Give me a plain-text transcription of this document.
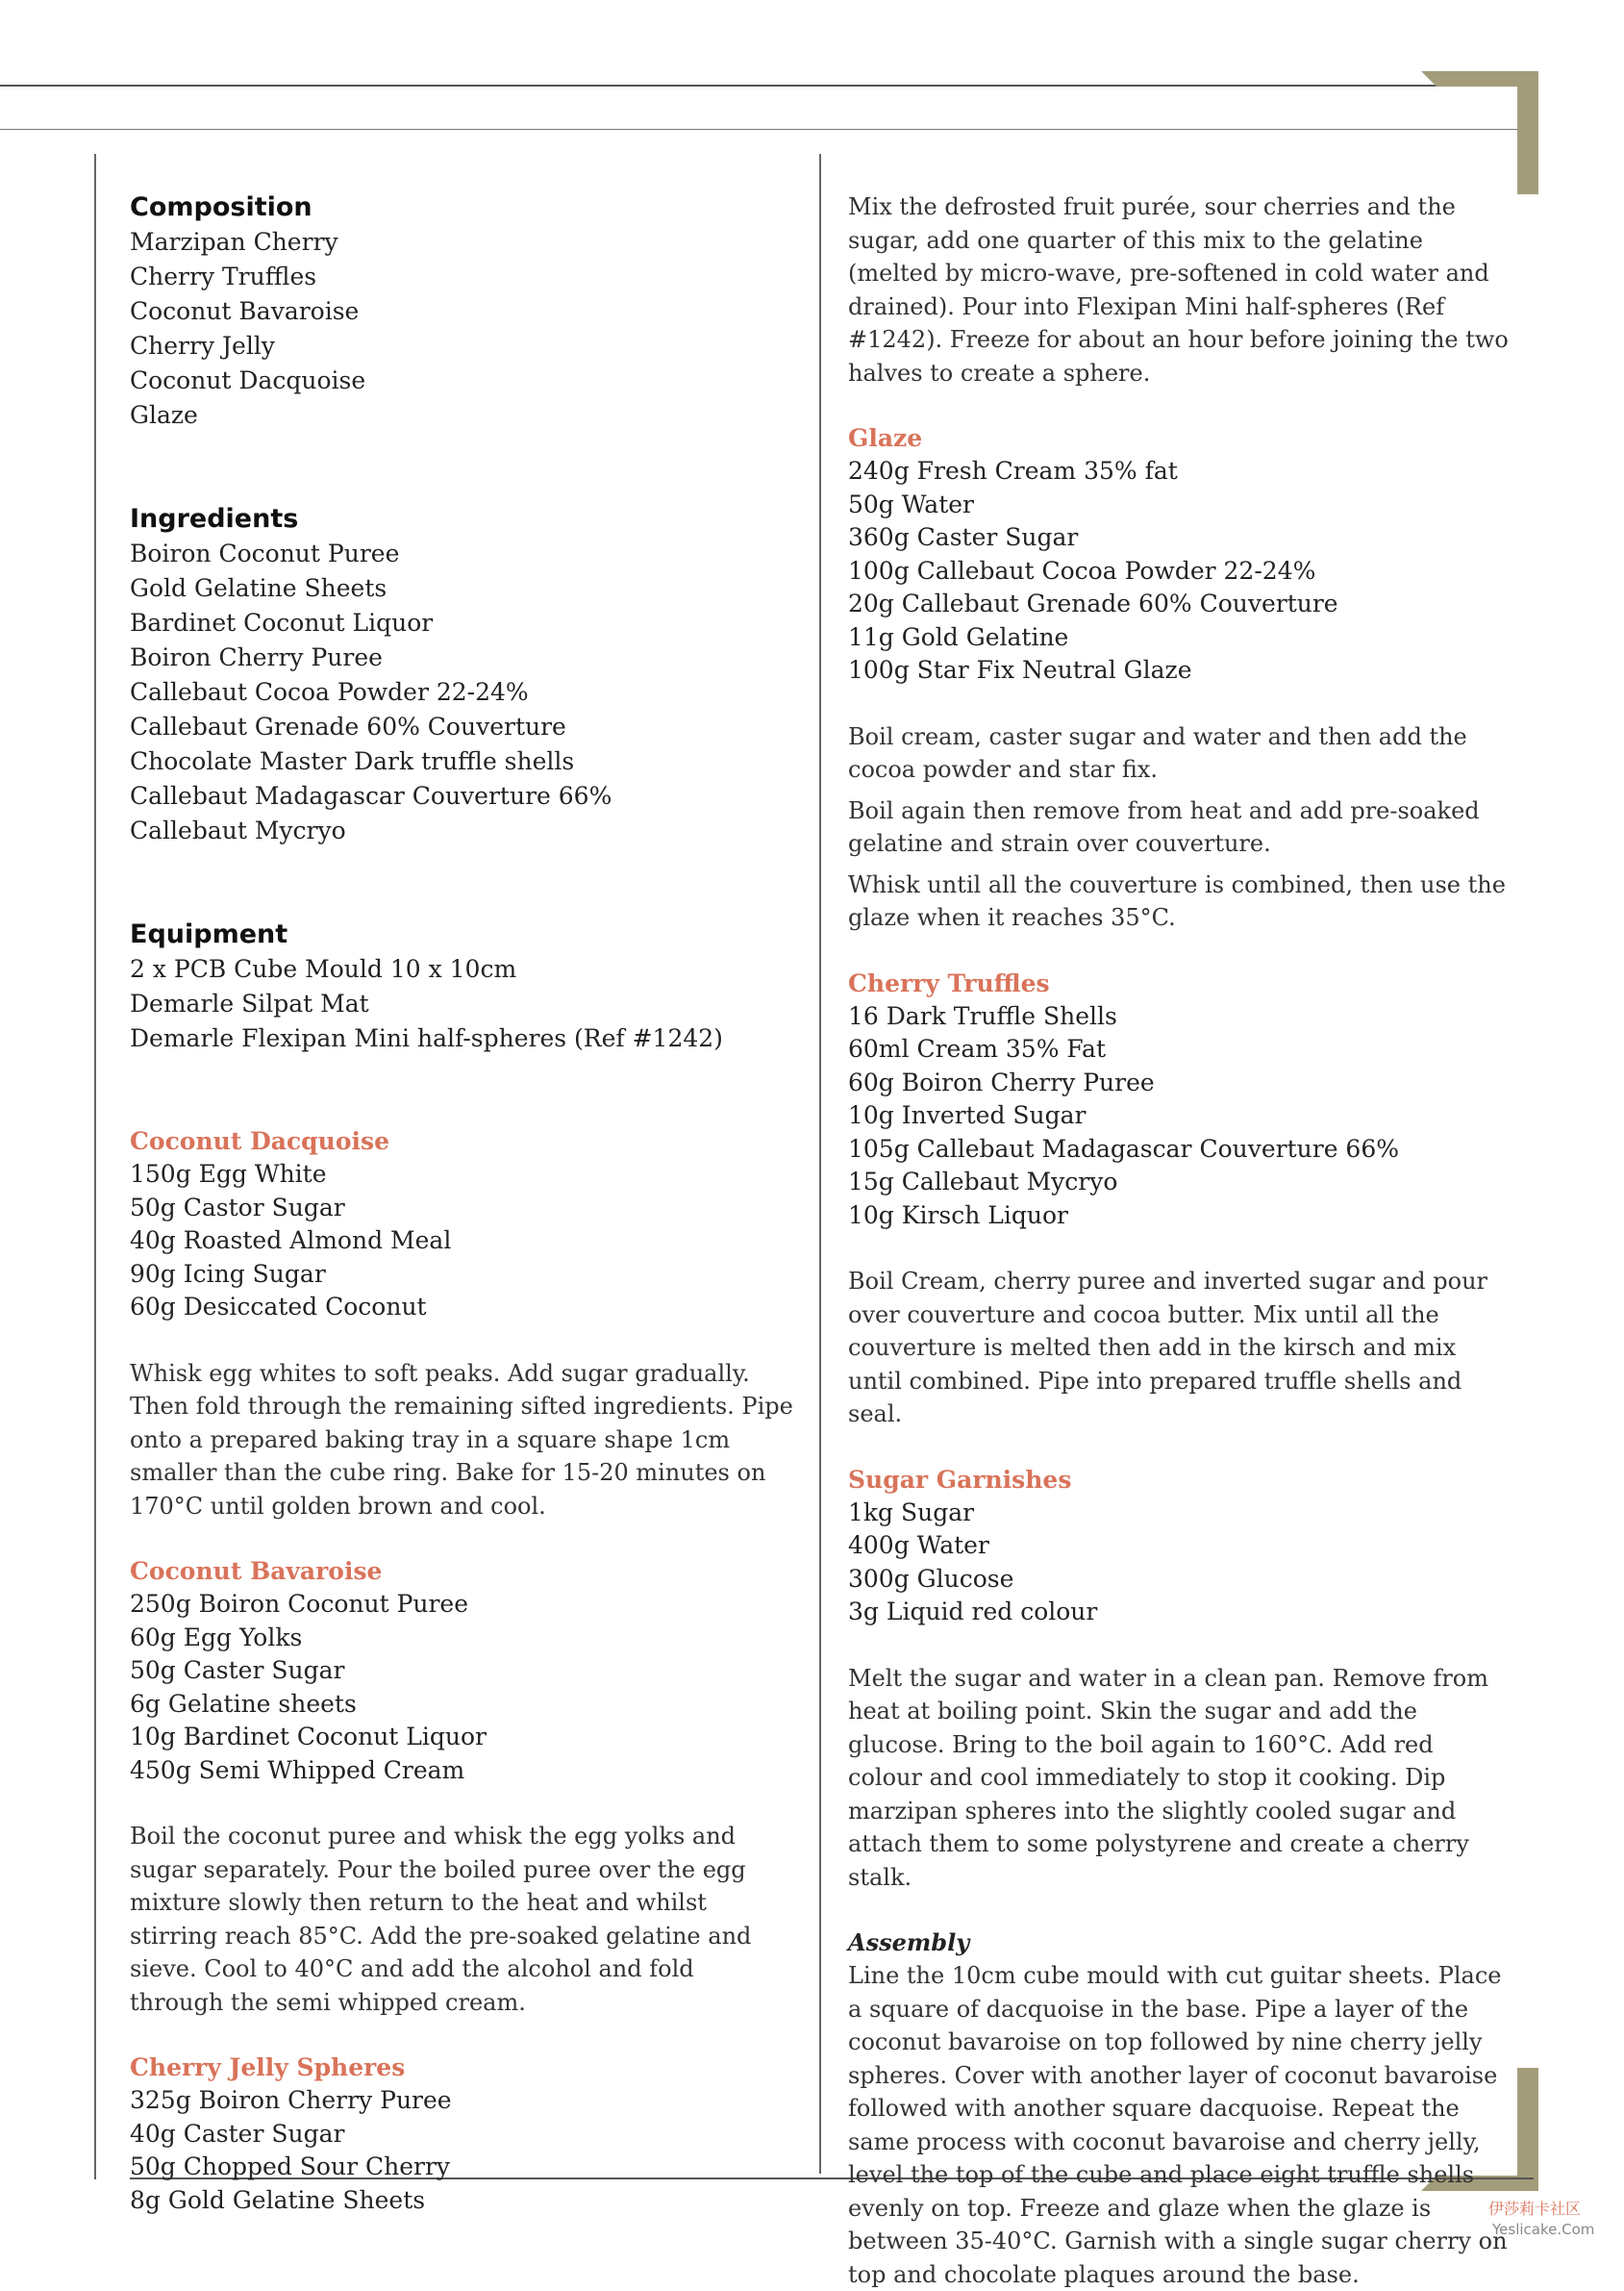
Composition
Marzipan Cherry
Cherry Truffles
Coconut Bavaroise
Cherry Jelly
Coconut Dacquoise
Glaze
Ingredients
Boiron Coconut Puree
Gold Gelatine Sheets
Bardinet Coconut Liquor
Boiron Cherry Puree
Callebaut Cocoa Powder 22-24%
Callebaut Grenade 60% Couverture
Chocolate Master Dark truffle shells
Callebaut Madagascar Couverture 66%
Callebaut Mycryo
Equipment
2 x PCB Cube Mould 10 x 10cm
Demarle Silpat Mat
Demarle Flexipan Mini half-spheres (Ref #1242)
Coconut Dacquoise
150g Egg White
50g Castor Sugar
40g Roasted Almond Meal
90g Icing Sugar
60g Desiccated Coconut

Whisk egg whites to soft peaks. Add sugar gradually. Then fold through the remaining sifted ingredients. Pipe onto a prepared baking tray in a square shape 1cm smaller than the cube ring. Bake for 15-20 minutes on 170°C until golden brown and cool.

Coconut Bavaroise
250g Boiron Coconut Puree
60g Egg Yolks
50g Caster Sugar
6g Gelatine sheets
10g Bardinet Coconut Liquor
450g Semi Whipped Cream

Boil the coconut puree and whisk the egg yolks and sugar separately. Pour the boiled puree over the egg mixture slowly then return to the heat and whilst stirring reach 85°C. Add the pre-soaked gelatine and sieve. Cool to 40°C and add the alcohol and fold through the semi whipped cream.

Cherry Jelly Spheres
325g Boiron Cherry Puree
40g Caster Sugar
50g Chopped Sour Cherry
8g Gold Gelatine Sheets

Mix the defrosted fruit purée, sour cherries and the sugar, add one quarter of this mix to the gelatine (melted by micro-wave, pre-softened in cold water and drained). Pour into Flexipan Mini half-spheres (Ref #1242). Freeze for about an hour before joining the two halves to create a sphere.

Glaze
240g Fresh Cream 35% fat
50g Water
360g Caster Sugar
100g Callebaut Cocoa Powder 22-24%
20g Callebaut Grenade 60% Couverture
11g Gold Gelatine
100g Star Fix Neutral Glaze

Boil cream, caster sugar and water and then add the cocoa powder and star fix.

Boil again then remove from heat and add pre-soaked gelatine and strain over couverture.

Whisk until all the couverture is combined, then use the glaze when it reaches 35°C.

Cherry Truffles
16 Dark Truffle Shells
60ml Cream 35% Fat
60g Boiron Cherry Puree
10g Inverted Sugar
105g Callebaut Madagascar Couverture 66%
15g Callebaut Mycryo
10g Kirsch Liquor

Boil Cream, cherry puree and inverted sugar and pour over couverture and cocoa butter. Mix until all the couverture is melted then add in the kirsch and mix until combined. Pipe into prepared truffle shells and seal.

Sugar Garnishes
1kg Sugar
400g Water
300g Glucose
3g Liquid red colour

Melt the sugar and water in a clean pan. Remove from heat at boiling point. Skin the sugar and add the glucose. Bring to the boil again to 160°C. Add red colour and cool immediately to stop it cooking. Dip marzipan spheres into the slightly cooled sugar and attach them to some polystyrene and create a cherry stalk.

Assembly

Line the 10cm cube mould with cut guitar sheets. Place a square of dacquoise in the base. Pipe a layer of the coconut bavaroise on top followed by nine cherry jelly spheres. Cover with another layer of coconut bavaroise followed with another square dacquoise. Repeat the same process with coconut bavaroise and cherry jelly, level the top of the cube and place eight truffle shells evenly on top. Freeze and glaze when the glaze is between 35-40°C. Garnish with a single sugar cherry on top and chocolate plaques around the base.

伊莎莉卡社区
Yeslicake.Com
